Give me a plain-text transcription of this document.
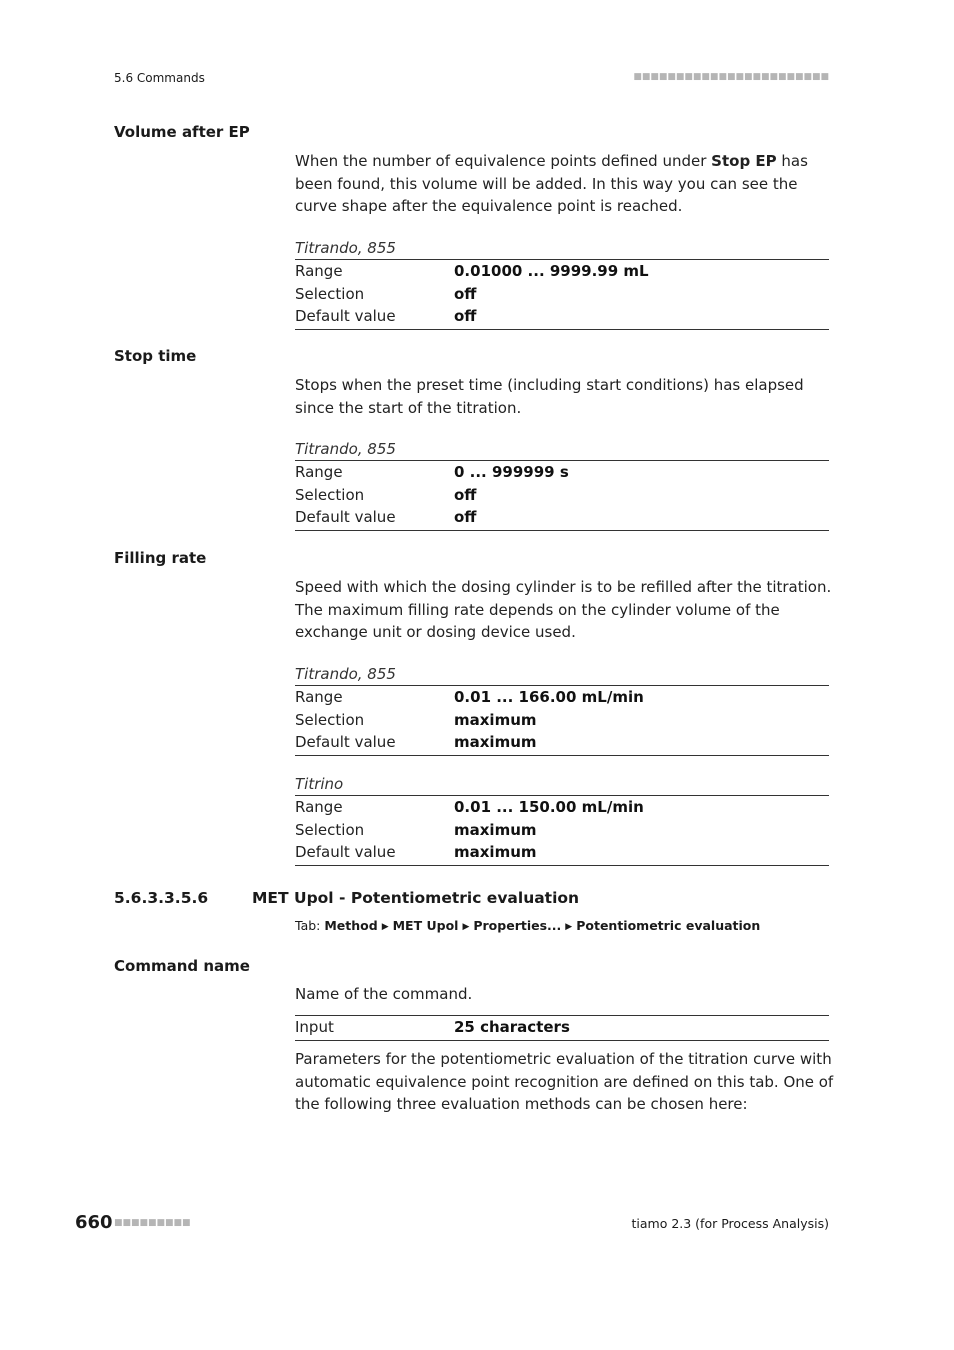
5.6 Commands	■■■■■■■■■■■■■■■■■■■■■■■
Volume after EP
When the number of equivalence points defined under Stop EP has been found, this volume will be added. In this way you can see the curve shape after the equivalence point is reached.
Titrando, 855
Range	0.01000 ... 9999.99 mL
Selection	off
Default value	off
Stop time
Stops when the preset time (including start conditions) has elapsed since the start of the titration.
Titrando, 855
Range	0 ... 999999 s
Selection	off
Default value	off
Filling rate
Speed with which the dosing cylinder is to be refilled after the titration. The maximum filling rate depends on the cylinder volume of the exchange unit or dosing device used.
Titrando, 855
Range	0.01 ... 166.00 mL/min
Selection	maximum
Default value	maximum
Titrino
Range	0.01 ... 150.00 mL/min
Selection	maximum
Default value	maximum
5.6.3.3.5.6	MET Upol - Potentiometric evaluation
Tab: Method ▶ MET Upol ▶ Properties... ▶ Potentiometric evaluation
Command name
Name of the command.
Input	25 characters
Parameters for the potentiometric evaluation of the titration curve with automatic equivalence point recognition are defined on this tab. One of the following three evaluation methods can be chosen here:
660 ■■■■■■■■■	tiamo 2.3 (for Process Analysis)
